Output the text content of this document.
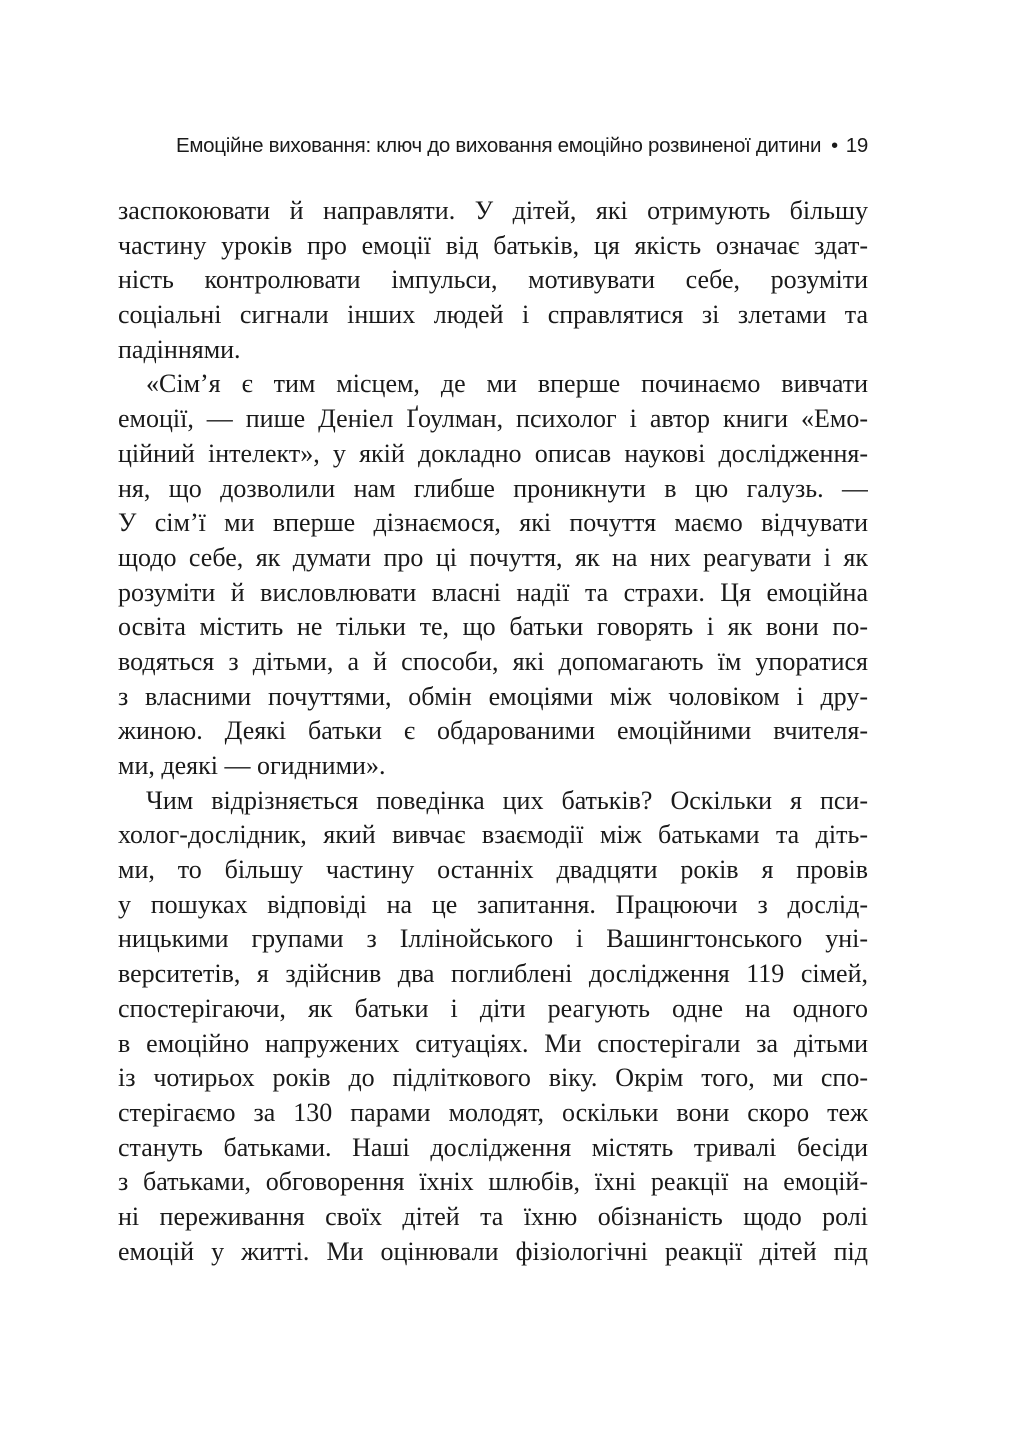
Емоційне виховання: ключ до виховання емоційно розвиненої дитини • 19
заспокоювати й направляти. У дітей, які отримують більшу
частину уроків про емоції від батьків, ця якість означає здат-
ність контролювати імпульси, мотивувати себе, розуміти
соціальні сигнали інших людей і справлятися зі злетами та
падіннями.
«Сім’я є тим місцем, де ми вперше починаємо вивчати
емоції, — пише Деніел Ґоулман, психолог і автор книги «Емо-
ційний інтелект», у якій докладно описав наукові дослідження-
ня, що дозволили нам глибше проникнути в цю галузь. —
У сім’ї ми вперше дізнаємося, які почуття маємо відчувати
щодо себе, як думати про ці почуття, як на них реагувати і як
розуміти й висловлювати власні надії та страхи. Ця емоційна
освіта містить не тільки те, що батьки говорять і як вони по-
водяться з дітьми, а й способи, які допомагають їм упоратися
з власними почуттями, обмін емоціями між чоловіком і дру-
жиною. Деякі батьки є обдарованими емоційними вчителя-
ми, деякі — огидними».
Чим відрізняється поведінка цих батьків? Оскільки я пси-
холог-дослідник, який вивчає взаємодії між батьками та діть-
ми, то більшу частину останніх двадцяти років я провів
у пошуках відповіді на це запитання. Працюючи з дослід-
ницькими групами з Іллінойського і Вашингтонського уні-
верситетів, я здійснив два поглиблені дослідження 119 сімей,
спостерігаючи, як батьки і діти реагують одне на одного
в емоційно напружених ситуаціях. Ми спостерігали за дітьми
із чотирьох років до підліткового віку. Окрім того, ми спо-
стерігаємо за 130 парами молодят, оскільки вони скоро теж
стануть батьками. Наші дослідження містять тривалі бесіди
з батьками, обговорення їхніх шлюбів, їхні реакції на емоцій-
ні переживання своїх дітей та їхню обізнаність щодо ролі
емоцій у житті. Ми оцінювали фізіологічні реакції дітей під
